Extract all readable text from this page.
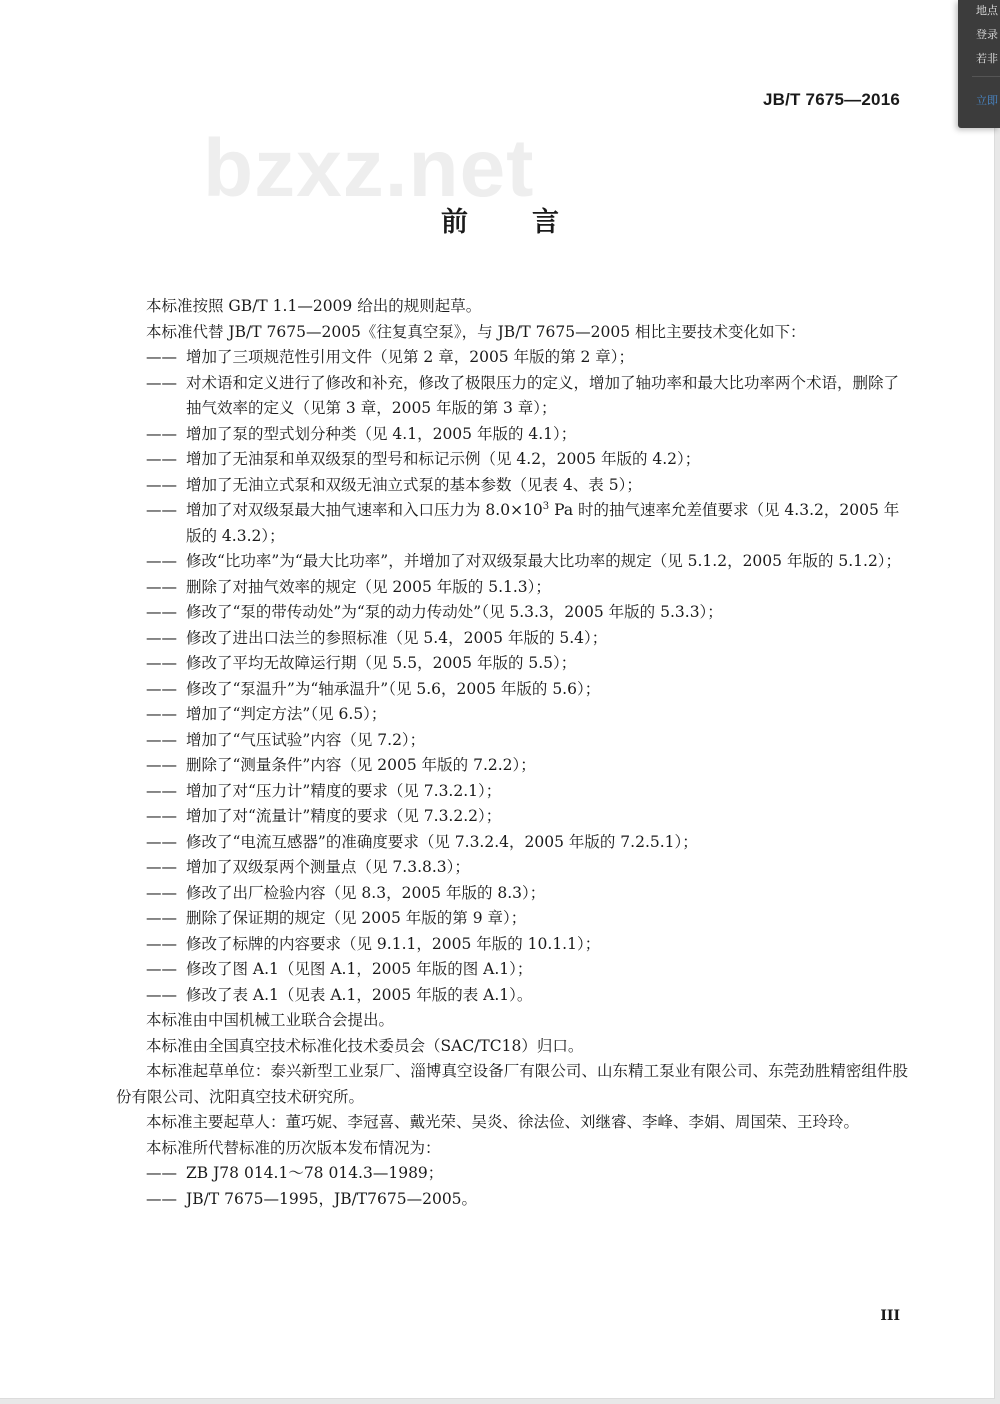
JB/T 7675—2016
bzxz.net
前言

本标准按照 GB/T 1.1—2009 给出的规则起草。

本标准代替 JB/T 7675—2005《往复真空泵》，与 JB/T 7675—2005 相比主要技术变化如下：

—— 增加了三项规范性引用文件（见第 2 章，2005 年版的第 2 章）；

—— 对术语和定义进行了修改和补充，修改了极限压力的定义，增加了轴功率和最大比功率两个术语，删除了抽气效率的定义（见第 3 章，2005 年版的第 3 章）；

—— 增加了泵的型式划分种类（见 4.1，2005 年版的 4.1）；

—— 增加了无油泵和单双级泵的型号和标记示例（见 4.2，2005 年版的 4.2）；

—— 增加了无油立式泵和双级无油立式泵的基本参数（见表 4、表 5）；

—— 增加了对双级泵最大抽气速率和入口压力为 $8.0\times 10^3$ Pa 时的抽气速率允差值要求（见 4.3.2，2005 年版的 4.3.2）；

—— 修改“比功率”为“最大比功率”，并增加了对双级泵最大比功率的规定（见 5.1.2，2005 年版的 5.1.2）；

—— 删除了对抽气效率的规定（见 2005 年版的 5.1.3）；

—— 修改了“泵的带传动处”为“泵的动力传动处”（见 5.3.3，2005 年版的 5.3.3）；

—— 修改了进出口法兰的参照标准（见 5.4，2005 年版的 5.4）；

—— 修改了平均无故障运行期（见 5.5，2005 年版的 5.5）；

—— 修改了“泵温升”为“轴承温升”（见 5.6，2005 年版的 5.6）；

—— 增加了“判定方法”（见 6.5）；

—— 增加了“气压试验”内容（见 7.2）；

—— 删除了“测量条件”内容（见 2005 年版的 7.2.2）；

—— 增加了对“压力计”精度的要求（见 7.3.2.1）；

—— 增加了对“流量计”精度的要求（见 7.3.2.2）；

—— 修改了“电流互感器”的准确度要求（见 7.3.2.4，2005 年版的 7.2.5.1）；

—— 增加了双级泵两个测量点（见 7.3.8.3）；

—— 修改了出厂检验内容（见 8.3，2005 年版的 8.3）；

—— 删除了保证期的规定（见 2005 年版的第 9 章）；

—— 修改了标牌的内容要求（见 9.1.1，2005 年版的 10.1.1）；

—— 修改了图 A.1（见图 A.1，2005 年版的图 A.1）；

—— 修改了表 A.1（见表 A.1，2005 年版的表 A.1）。

本标准由中国机械工业联合会提出。

本标准由全国真空技术标准化技术委员会（SAC/TC18）归口。

本标准起草单位：泰兴新型工业泵厂、淄博真空设备厂有限公司、山东精工泵业有限公司、东莞劲胜精密组件股份有限公司、沈阳真空技术研究所。

本标准主要起草人：董巧妮、李冠喜、戴光荣、吴炎、徐法俭、刘继睿、李峰、李娟、周国荣、王玲玲。

本标准所代替标准的历次版本发布情况为：

—— ZB J78 014.1～78 014.3—1989；

—— JB/T 7675—1995，JB/T7675—2005。

III
地点
登录
若非
立即
